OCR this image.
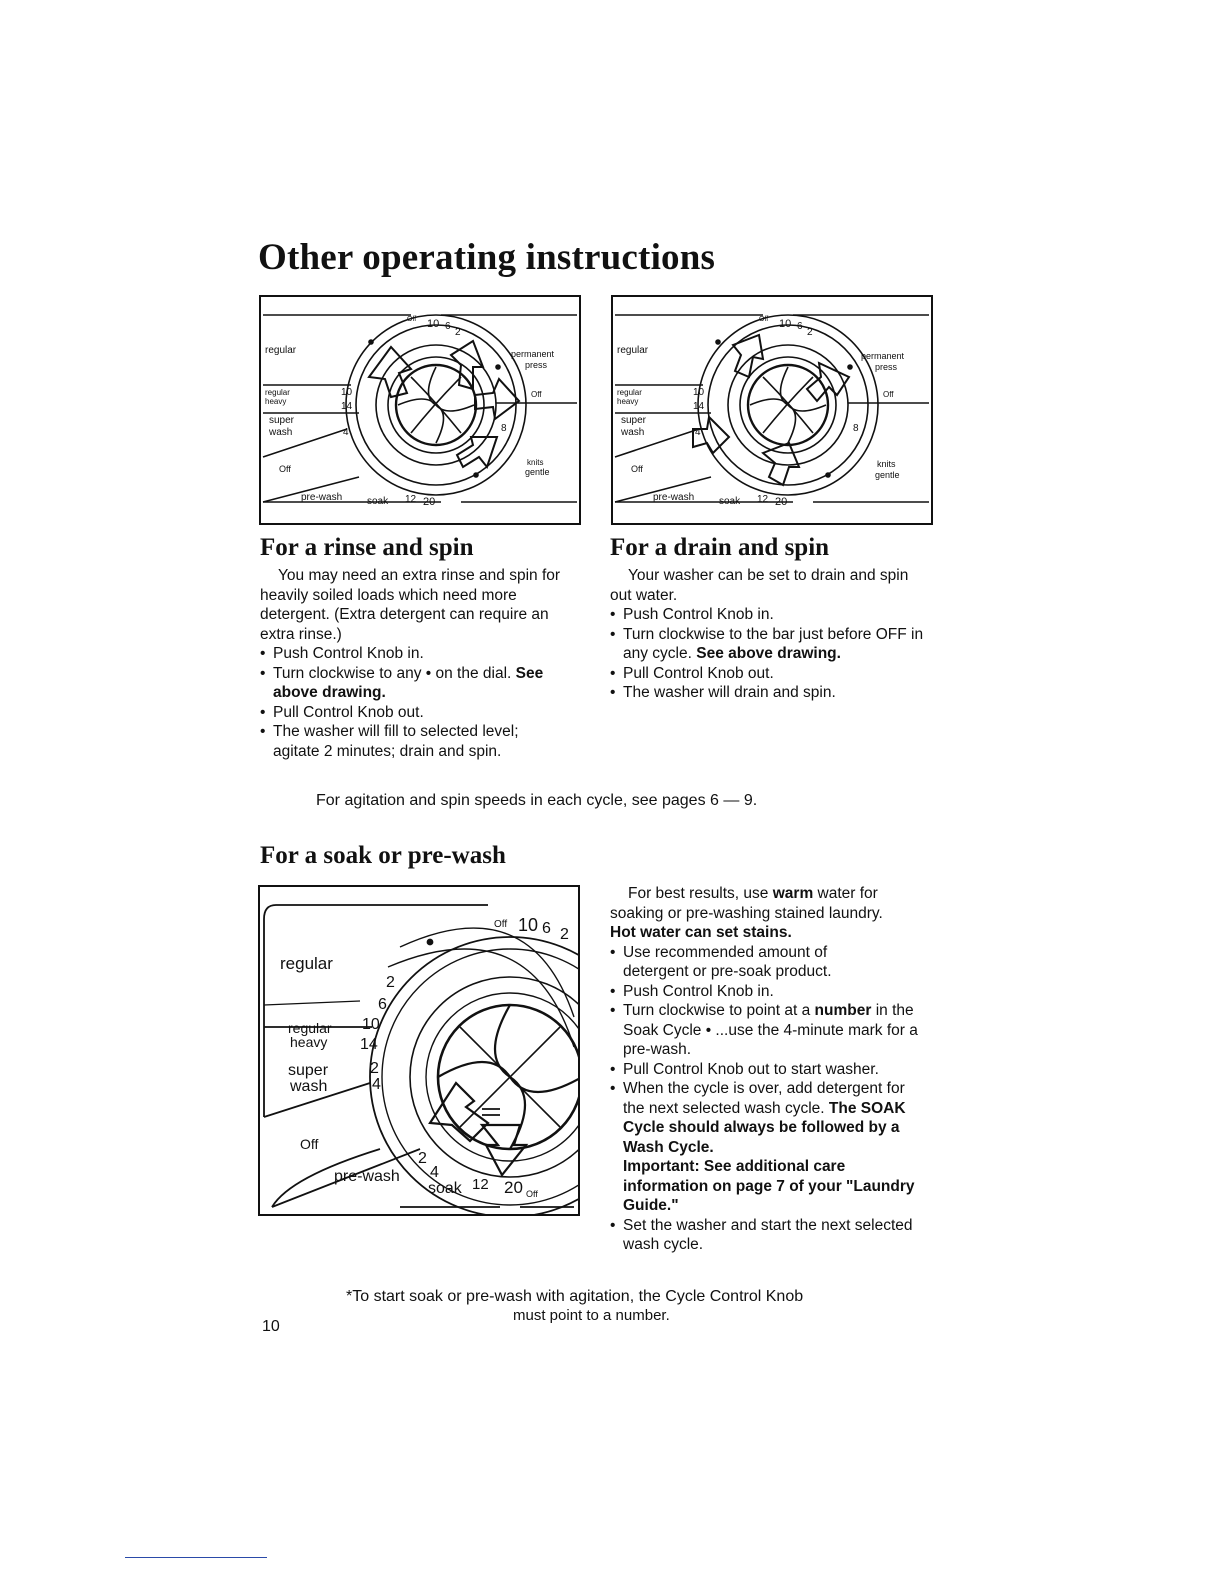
Other operating instructions
regular
regular
heavy
super
wash
Off
pre-wash soak
permanent
press
Off
knits
gentle
Off 10 6
2
10
14
4	8
12 20
regular
regular
heavy
super
wash
Off
pre-wash soak
permanent
press
Off
knits
gentle
Off 10 6
2
10
14
4	8
12 20
For a rinse and spin

You may need an extra rinse and spin for heavily soiled loads which need more detergent. (Extra detergent can require an extra rinse.)

• Push Control Knob in.
• Turn clockwise to any • on the dial. See above drawing.
• Pull Control Knob out.
• The washer will fill to selected level; agitate 2 minutes; drain and spin.
For a drain and spin

Your washer can be set to drain and spin out water.

• Push Control Knob in.
• Turn clockwise to the bar just before OFF in any cycle. See above drawing.
• Pull Control Knob out.
• The washer will drain and spin.
For agitation and spin speeds in each cycle, see pages 6 — 9.
For a soak or pre-wash
regular
regular
heavy
super
wash
Off
pre-wash
soak
Off 10 6 2
2
6
10
14
2
4
2
4
12 20 Off

For best results, use warm water for soaking or pre-washing stained laundry. Hot water can set stains.

• Use recommended amount of detergent or pre-soak product.
• Push Control Knob in.
• Turn clockwise to point at a number in the Soak Cycle • ...use the 4-minute mark for a pre-wash.
• Pull Control Knob out to start washer.
• When the cycle is over, add detergent for the next selected wash cycle. The SOAK Cycle should always be followed by a Wash Cycle.
Important: See additional care information on page 7 of your "Laundry Guide."
• Set the washer and start the next selected wash cycle.
*To start soak or pre-wash with agitation, the Cycle Control Knob
must point to a number.
10
